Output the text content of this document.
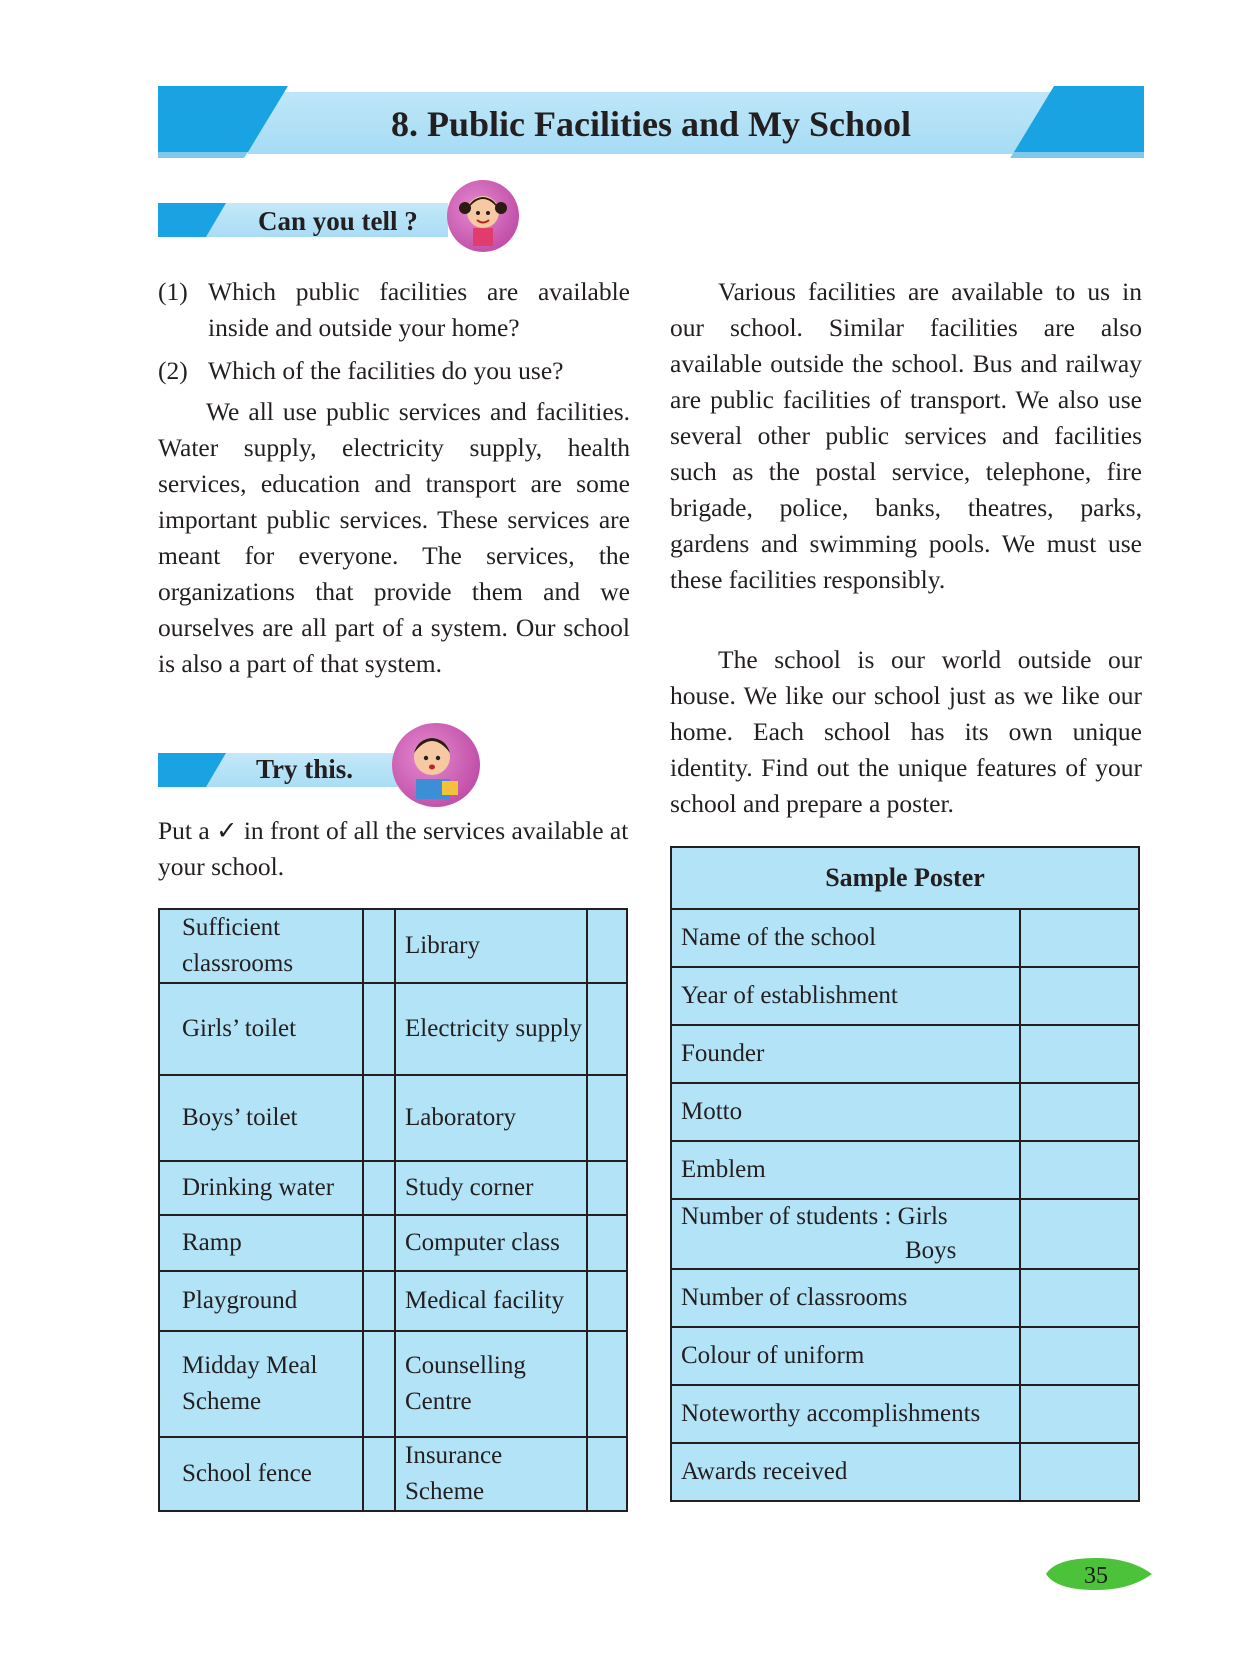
8. Public Facilities and My School
Can you tell ?
(1) Which public facilities are available inside and outside your home?
(2) Which of the facilities do you use?
We all use public services and facilities. Water supply, electricity supply, health services, education and transport are some important public services. These services are meant for everyone. The services, the organizations that provide them and we ourselves are all part of a system. Our school is also a part of that system.
Try this.
Put a ✓ in front of all the services available at your school.
Sufficient classrooms		Library	
Girls’ toilet		Electricity supply	
Boys’ toilet		Laboratory	
Drinking water		Study corner	
Ramp		Computer class	
Playground		Medical facility	
Midday Meal Scheme		Counselling Centre	
School fence		Insurance Scheme	
Various facilities are available to us in our school. Similar facilities are also available outside the school. Bus and railway are public facilities of transport. We also use several other public services and facilities such as the postal service, telephone, fire brigade, police, banks, theatres, parks, gardens and swimming pools. We must use these facilities responsibly.
The school is our world outside our house. We like our school just as we like our home. Each school has its own unique identity. Find out the unique features of your school and prepare a poster.
Sample Poster	

Name of the school	

Year of establishment	

Founder	

Motto	

Emblem	

Number of students : Girls
Boys	

Number of classrooms	

Colour of uniform	

Noteworthy accomplishments	

Awards received	

35
